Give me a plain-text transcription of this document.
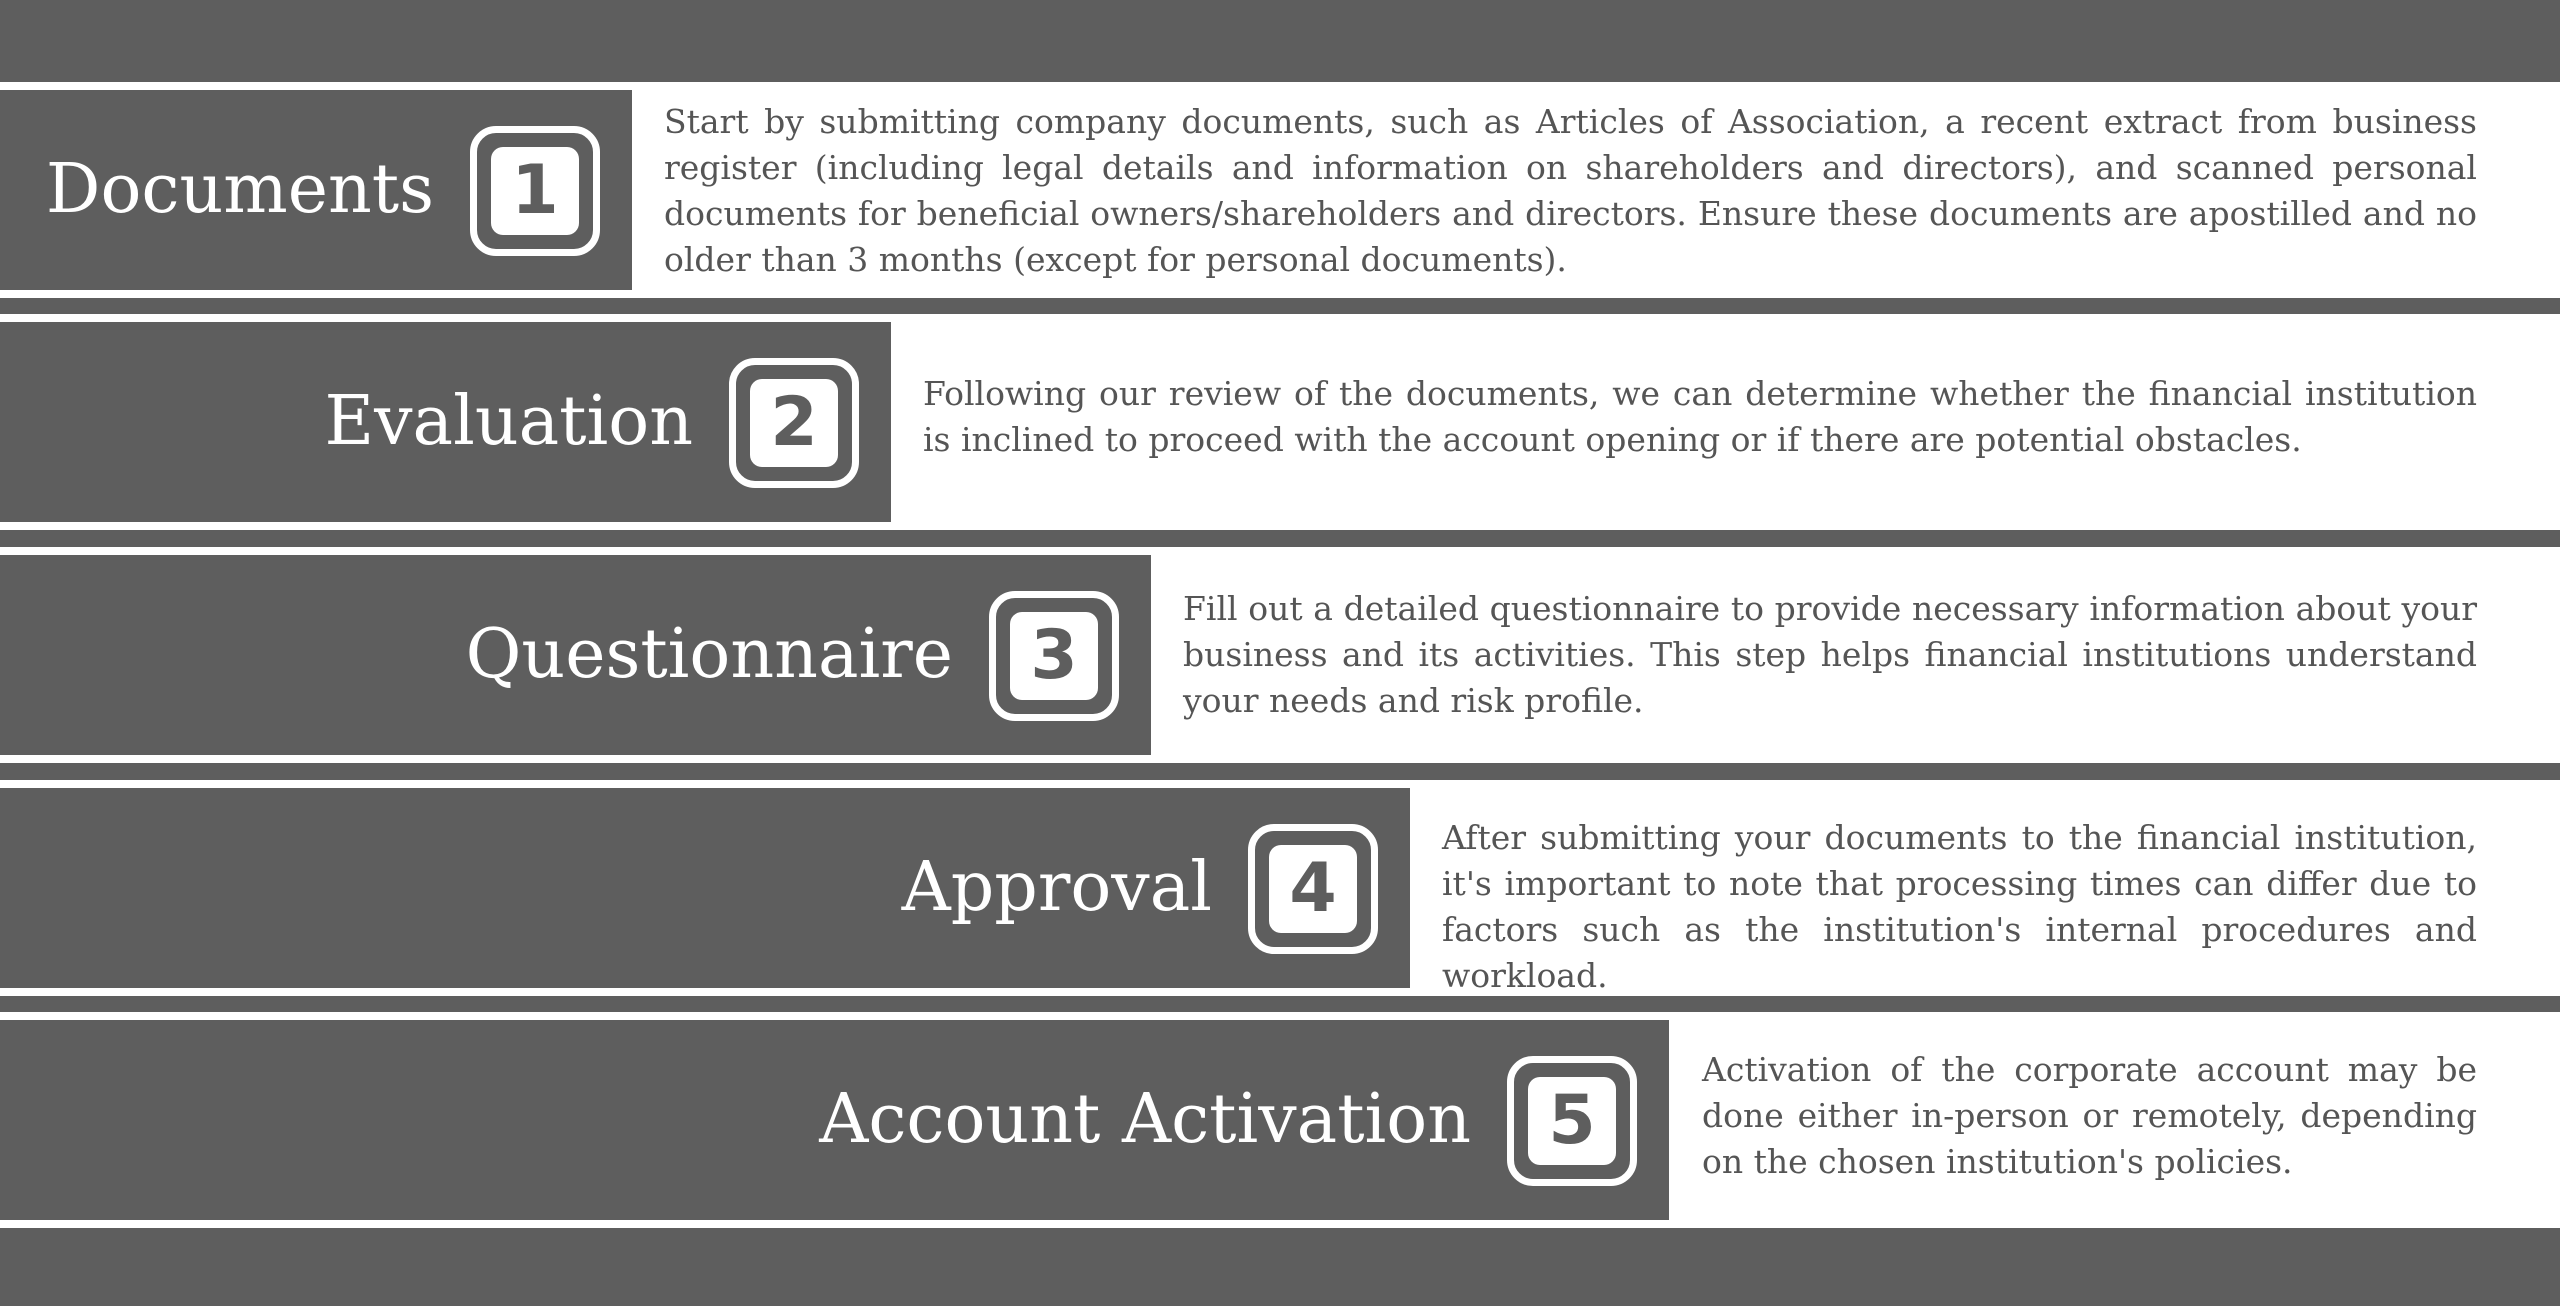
Documents 1
Start by submitting company documents, such as Articles of Association, a recent extract from business register (including legal details and information on shareholders and directors), and scanned personal documents for beneficial owners/shareholders and directors. Ensure these documents are apostilled and no older than 3 months (except for personal documents).
Evaluation 2	Following our review of the documents, we can determine whether the financial institution is inclined to proceed with the account opening or if there are potential obstacles.
Questionnaire 3
Fill out a detailed questionnaire to provide necessary information about your business and its activities. This step helps financial institutions understand your needs and risk profile.
Approval 4
After submitting your documents to the financial institution, it's important to note that processing times can differ due to factors such as the institution's internal procedures and workload.
Account Activation 5
Activation of the corporate account may be done either in-person or remotely, depending on the chosen institution's policies.
